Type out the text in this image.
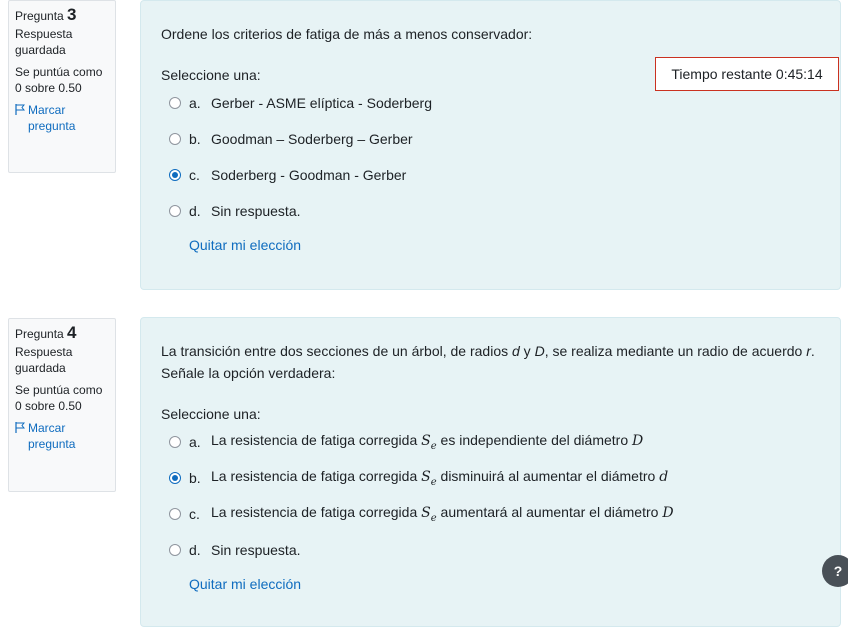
Pregunta 3
Respuesta guardada
Se puntúa como 0 sobre 0.50
Marcar pregunta
Ordene los criterios de fatiga de más a menos conservador:
Seleccione una:
a. Gerber - ASME elíptica - Soderberg
b. Goodman – Soderberg – Gerber
c. Soderberg - Goodman - Gerber
d. Sin respuesta.
Quitar mi elección
Tiempo restante 0:45:14
Pregunta 4
Respuesta guardada
Se puntúa como 0 sobre 0.50
Marcar pregunta
La transición entre dos secciones de un árbol, de radios d y D, se realiza mediante un radio de acuerdo r. Señale la opción verdadera:
Seleccione una:
a. La resistencia de fatiga corregida $S_e$ es independiente del diámetro D
b. La resistencia de fatiga corregida $S_e$ disminuirá al aumentar el diámetro d
c. La resistencia de fatiga corregida $S_e$ aumentará al aumentar el diámetro D
d. Sin respuesta.
Quitar mi elección
?
